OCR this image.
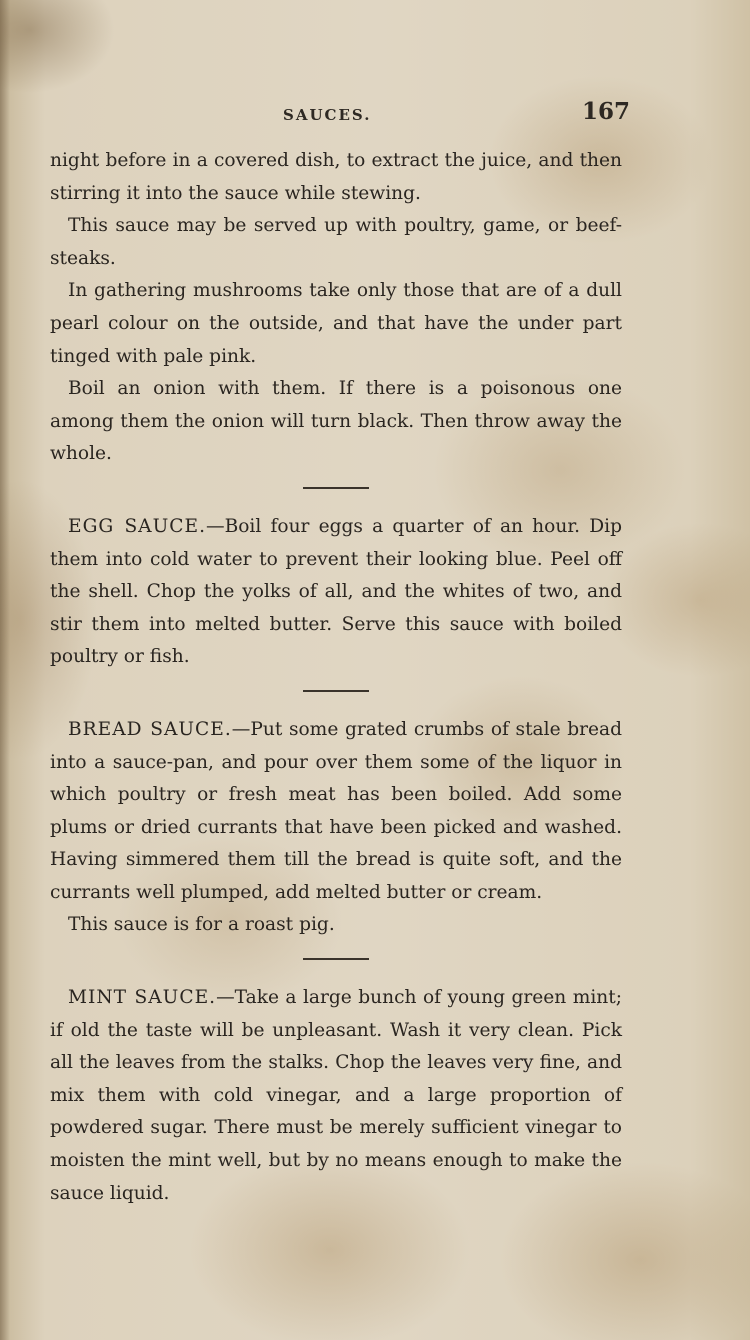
SAUCES.	167

night before in a covered dish, to extract the juice, and then stirring it into the sauce while stewing.

This sauce may be served up with poultry, game, or beef-steaks.

In gathering mushrooms take only those that are of a dull pearl colour on the outside, and that have the under part tinged with pale pink.

Boil an onion with them. If there is a poisonous one among them the onion will turn black. Then throw away the whole.

EGG SAUCE.—Boil four eggs a quarter of an hour. Dip them into cold water to prevent their looking blue. Peel off the shell. Chop the yolks of all, and the whites of two, and stir them into melted butter. Serve this sauce with boiled poultry or fish.

BREAD SAUCE.—Put some grated crumbs of stale bread into a sauce-pan, and pour over them some of the liquor in which poultry or fresh meat has been boiled. Add some plums or dried currants that have been picked and washed. Having simmered them till the bread is quite soft, and the currants well plumped, add melted butter or cream.

This sauce is for a roast pig.

MINT SAUCE.—Take a large bunch of young green mint; if old the taste will be unpleasant. Wash it very clean. Pick all the leaves from the stalks. Chop the leaves very fine, and mix them with cold vinegar, and a large proportion of powdered sugar. There must be merely sufficient vinegar to moisten the mint well, but by no means enough to make the sauce liquid.
